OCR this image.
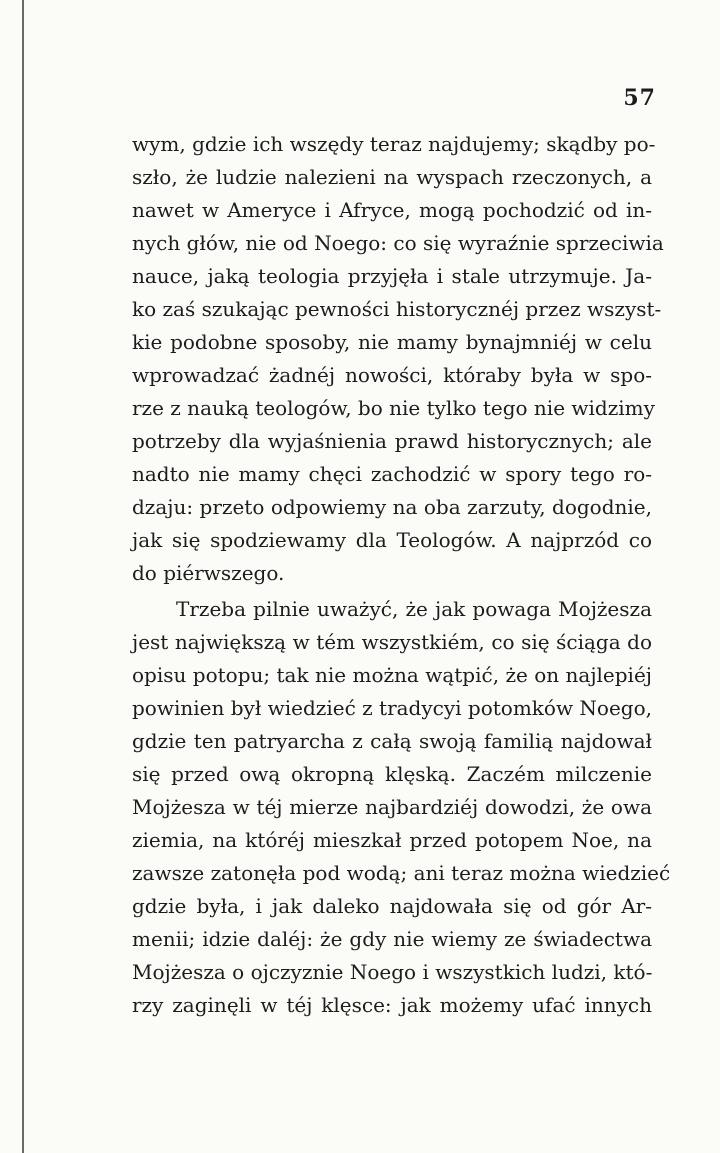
57
wym, gdzie ich wszędy teraz najdujemy; skądby po-
szło, że ludzie nalezieni na wyspach rzeczonych, a
nawet w Ameryce i Afryce, mogą pochodzić od in-
nych głów, nie od Noego: co się wyraźnie sprzeciwia
nauce, jaką teologia przyjęła i stale utrzymuje. Ja-
ko zaś szukając pewności historycznéj przez wszyst-
kie podobne sposoby, nie mamy bynajmniéj w celu
wprowadzać żadnéj nowości, któraby była w spo-
rze z nauką teologów, bo nie tylko tego nie widzimy
potrzeby dla wyjaśnienia prawd historycznych; ale
nadto nie mamy chęci zachodzić w spory tego ro-
dzaju: przeto odpowiemy na oba zarzuty, dogodnie,
jak się spodziewamy dla Teologów. A najprzód co
do piérwszego.
Trzeba pilnie uważyć, że jak powaga Mojżesza
jest największą w tém wszystkiém, co się ściąga do
opisu potopu; tak nie można wątpić, że on najlepiéj
powinien był wiedzieć z tradycyi potomków Noego,
gdzie ten patryarcha z całą swoją familią najdował
się przed ową okropną klęską. Zaczém milczenie
Mojżesza w téj mierze najbardziéj dowodzi, że owa
ziemia, na któréj mieszkał przed potopem Noe, na
zawsze zatonęła pod wodą; ani teraz można wiedzieć
gdzie była, i jak daleko najdowała się od gór Ar-
menii; idzie daléj: że gdy nie wiemy ze świadectwa
Mojżesza o ojczyznie Noego i wszystkich ludzi, któ-
rzy zaginęli w téj klęsce: jak możemy ufać innych
